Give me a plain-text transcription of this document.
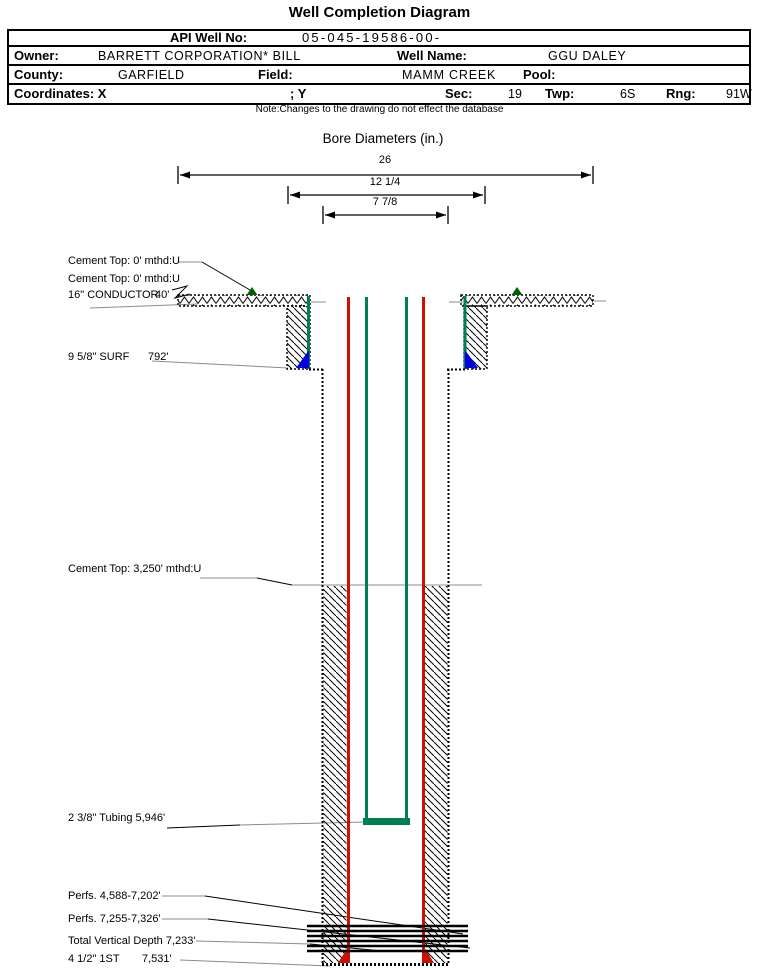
Well Completion Diagram
API Well No:	05-045-19586-00-
Owner:	BARRETT CORPORATION* BILL	Well Name:	GGU DALEY
County:	GARFIELD	Field:	MAMM CREEK Pool:
Coordinates: X	; Y	Sec:	19 Twp:	6S Rng: 91W
Note:Changes to the drawing do not effect the database
Bore Diameters (in.)
26
12 1/4
7 7/8
Cement Top: 0' mthd:U
Cement Top: 0' mthd:U
16" CONDUCTOR
40'
9 5/8" SURF 792'
Cement Top: 3,250' mthd:U
2 3/8" Tubing 5,946'
Perfs. 4,588-7,202'
Perfs. 7,255-7,326'
Total Vertical Depth 7,233'
4 1/2" 1ST 7,531'
